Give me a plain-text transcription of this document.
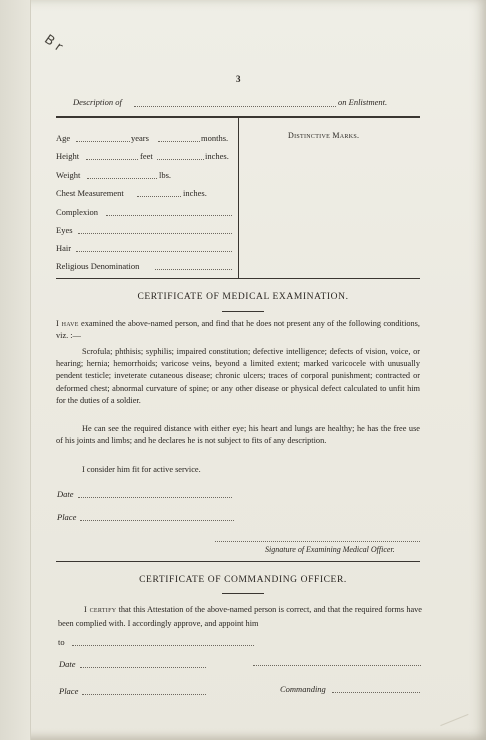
B r
3
Description of	on Enlistment.
Age	years	months.
Height	feet	inches.
Weight	lbs.
Chest Measurement	inches.
Complexion
Eyes
Hair
Religious Denomination
Distinctive Marks.
CERTIFICATE OF MEDICAL EXAMINATION.
I have examined the above-named person, and find that he does not present any of the following conditions, viz. :—
Scrofula; phthisis; syphilis; impaired constitution; defective intelligence; defects of vision, voice, or hearing; hernia; hemorrhoids; varicose veins, beyond a limited extent; marked varicocele with unusually pendent testicle; inveterate cutaneous disease; chronic ulcers; traces of corporal punishment; contracted or deformed chest; abnormal curvature of spine; or any other disease or physical defect calculated to unfit him for the duties of a soldier.
He can see the required distance with either eye; his heart and lungs are healthy; he has the free use of his joints and limbs; and he declares he is not subject to fits of any description.
I consider him fit for active service.
Date
Place
Signature of Examining Medical Officer.
CERTIFICATE OF COMMANDING OFFICER.
I certify that this Attestation of the above-named person is correct, and that the required forms have been complied with. I accordingly approve, and appoint him
to
Date
Place	Commanding
